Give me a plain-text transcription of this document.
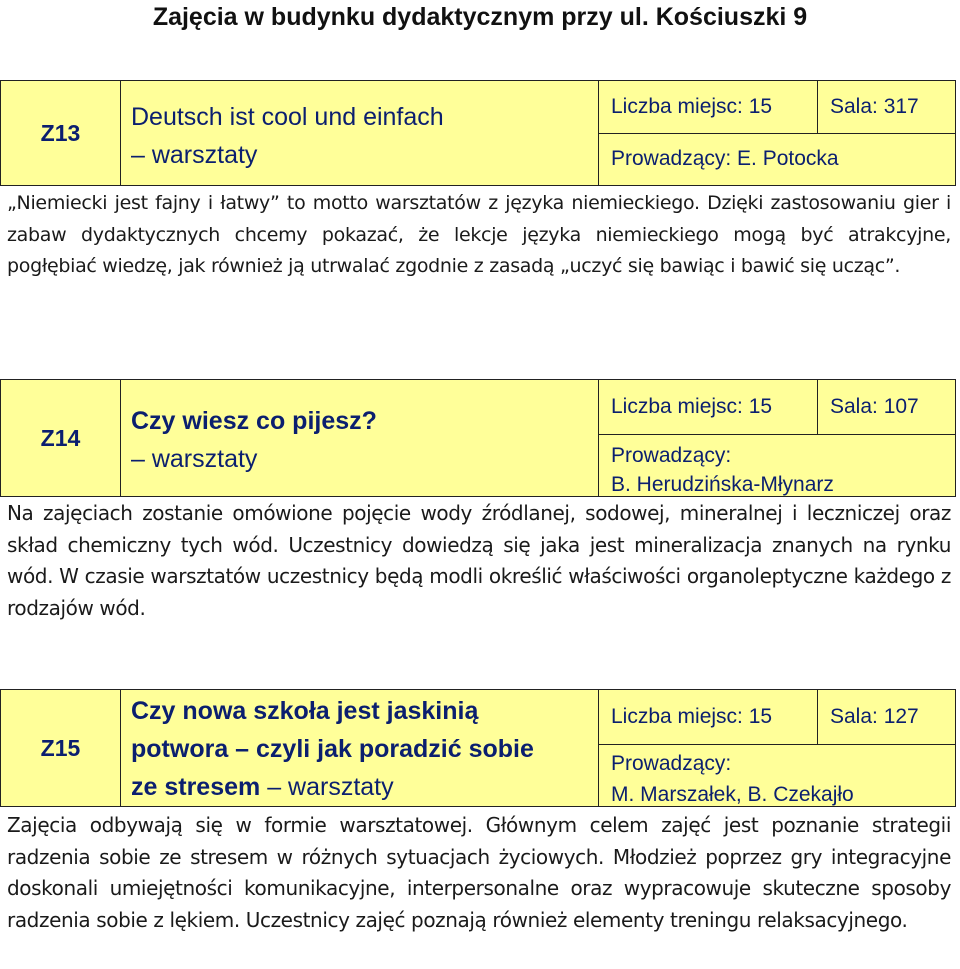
Zajęcia w budynku dydaktycznym przy ul. Kościuszki 9
Z13
Deutsch ist cool und einfach
– warsztaty
Liczba miejsc: 15	Sala: 317
Prowadzący: E. Potocka
„Niemiecki jest fajny i łatwy” to motto warsztatów z języka niemieckiego. Dzięki zastosowaniu gier i zabaw dydaktycznych chcemy pokazać, że lekcje języka niemieckiego mogą być atrakcyjne, pogłębiać wiedzę, jak również ją utrwalać zgodnie z zasadą „uczyć się bawiąc i bawić się ucząc”.
Z14
Czy wiesz co pijesz?
– warsztaty
Liczba miejsc: 15	Sala: 107
Prowadzący:
B. Herudzińska-Młynarz
Na zajęciach zostanie omówione pojęcie wody źródlanej, sodowej, mineralnej i leczniczej oraz skład chemiczny tych wód. Uczestnicy dowiedzą się jaka jest mineralizacja znanych na rynku wód. W czasie warsztatów uczestnicy będą modli określić właściwości organoleptyczne każdego z rodzajów wód.
Z15
Czy nowa szkoła jest jaskinią
potwora – czyli jak poradzić sobie
ze stresem – warsztaty
Liczba miejsc: 15	Sala: 127
Prowadzący:
M. Marszałek, B. Czekajło
Zajęcia odbywają się w formie warsztatowej. Głównym celem zajęć jest poznanie strategii radzenia sobie ze stresem w różnych sytuacjach życiowych. Młodzież poprzez gry integracyjne doskonali umiejętności komunikacyjne, interpersonalne oraz wypracowuje skuteczne sposoby radzenia sobie z lękiem. Uczestnicy zajęć poznają również elementy treningu relaksacyjnego.
